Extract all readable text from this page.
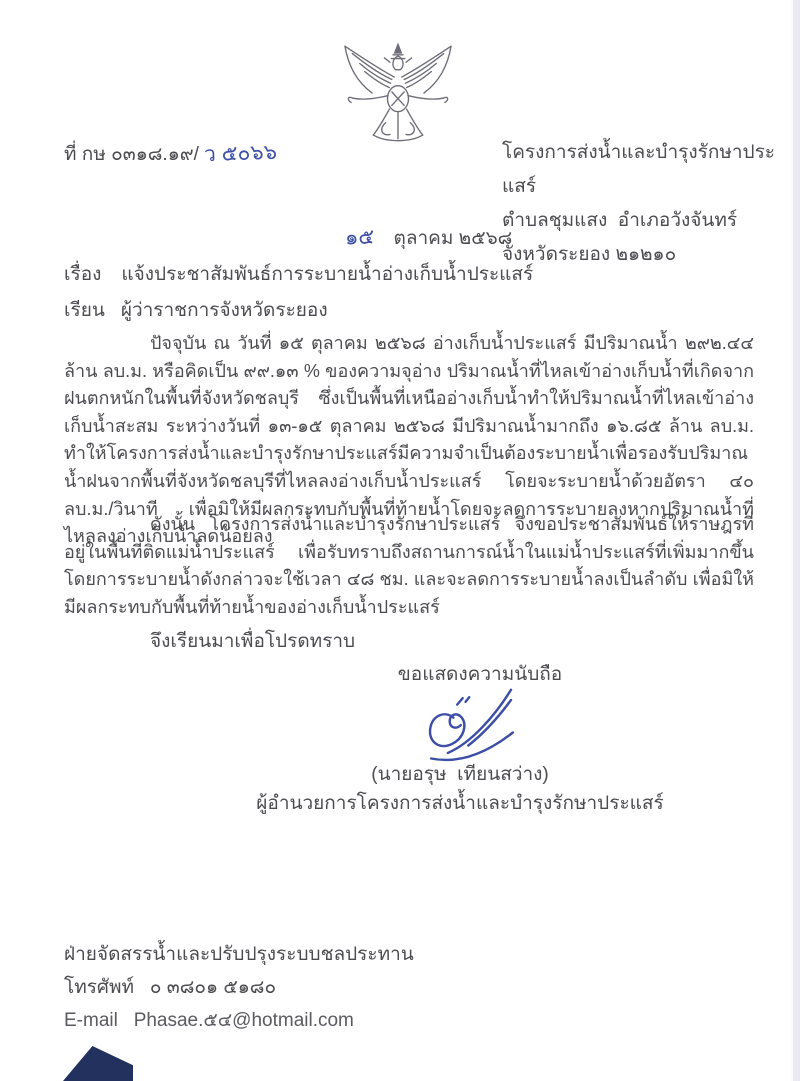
ที่ กษ ๐๓๑๘.๑๙/ ว ๕๐๖๖	โครงการส่งน้ำและบำรุงรักษาประแสร์
ตำบลชุมแสง  อำเภอวังจันทร์
จังหวัดระยอง ๒๑๒๑๐
๑๕ ตุลาคม ๒๕๖๘
เรื่อง แจ้งประชาสัมพันธ์การระบายน้ำอ่างเก็บน้ำประแสร์
เรียน ผู้ว่าราชการจังหวัดระยอง
ปัจจุบัน ณ วันที่ ๑๕ ตุลาคม ๒๕๖๘ อ่างเก็บน้ำประแสร์ มีปริมาณน้ำ ๒๙๒.๔๔ ล้าน ลบ.ม. หรือคิดเป็น ๙๙.๑๓ % ของความจุอ่าง ปริมาณน้ำที่ไหลเข้าอ่างเก็บน้ำที่เกิดจากฝนตกหนักในพื้นที่จังหวัดชลบุรี ซึ่งเป็นพื้นที่เหนืออ่างเก็บน้ำทำให้ปริมาณน้ำที่ไหลเข้าอ่างเก็บน้ำสะสม ระหว่างวันที่ ๑๓-๑๕ ตุลาคม ๒๕๖๘ มีปริมาณน้ำมากถึง ๑๖.๘๕ ล้าน ลบ.ม. ทำให้โครงการส่งน้ำและบำรุงรักษาประแสร์มีความจำเป็นต้องระบายน้ำเพื่อรองรับปริมาณน้ำฝนจากพื้นที่จังหวัดชลบุรีที่ไหลลงอ่างเก็บน้ำประแสร์ โดยจะระบายน้ำด้วยอัตรา ๔๐ ลบ.ม./วินาที เพื่อมิให้มีผลกระทบกับพื้นที่ท้ายน้ำโดยจะลดการระบายลงหากปริมาณน้ำที่ไหลลงอ่างเก็บน้ำลดน้อยลง
ดังนั้น โครงการส่งน้ำและบำรุงรักษาประแสร์ จึงขอประชาสัมพันธ์ให้ราษฎรที่อยู่ในพื้นที่ติดแม่น้ำประแสร์ เพื่อรับทราบถึงสถานการณ์น้ำในแม่น้ำประแสร์ที่เพิ่มมากขึ้น โดยการระบายน้ำดังกล่าวจะใช้เวลา ๔๘ ชม. และจะลดการระบายน้ำลงเป็นลำดับ เพื่อมิให้มีผลกระทบกับพื้นที่ท้ายน้ำของอ่างเก็บน้ำประแสร์
จึงเรียนมาเพื่อโปรดทราบ
ขอแสดงความนับถือ
(นายอรุษ  เทียนสว่าง)
ผู้อำนวยการโครงการส่งน้ำและบำรุงรักษาประแสร์
ฝ่ายจัดสรรน้ำและปรับปรุงระบบชลประทาน
โทรศัพท์ ๐ ๓๘๐๑ ๕๑๘๐
E-mail Phasae.๕๔@hotmail.com
